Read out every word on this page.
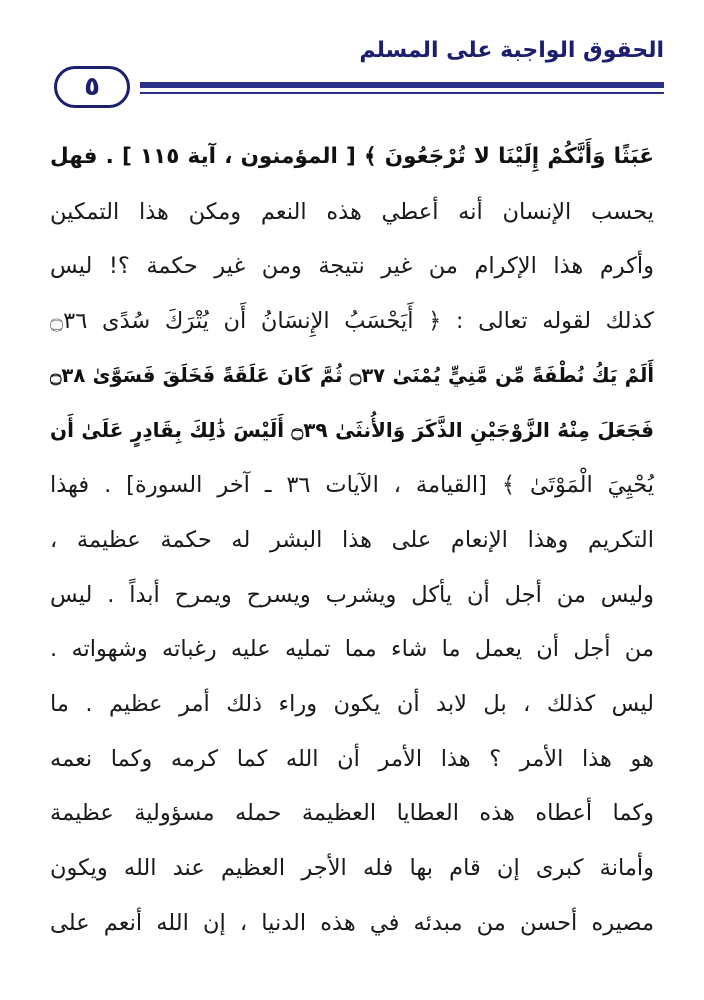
الحقوق الواجبة على المسلم
٥
عَبَثًا وَأَنَّكُمْ إِلَيْنَا لا تُرْجَعُونَ ﴾ [ المؤمنون ، آية ١١٥ ] . فهل
يحسب الإنسان أنه أعطي هذه النعم ومكن هذا التمكين
وأكرم هذا الإكرام من غير نتيجة ومن غير حكمة ؟! ليس
كذلك لقوله تعالى : ﴿ أَيَحْسَبُ الإِنسَانُ أَن يُتْرَكَ سُدًى ۝٣٦
أَلَمْ يَكُ نُطْفَةً مِّن مَّنِيٍّ يُمْنَىٰ ۝٣٧ ثُمَّ كَانَ عَلَقَةً فَخَلَقَ فَسَوَّىٰ ۝٣٨
فَجَعَلَ مِنْهُ الزَّوْجَيْنِ الذَّكَرَ وَالأُنثَىٰ ۝٣٩ أَلَيْسَ ذَٰلِكَ بِقَادِرٍ عَلَىٰ أَن
يُحْيِيَ الْمَوْتَىٰ ﴾ [القيامة ، الآيات ٣٦ ـ آخر السورة] . فهذا
التكريم وهذا الإنعام على هذا البشر له حكمة عظيمة ،
وليس من أجل أن يأكل ويشرب ويسرح ويمرح أبداً . ليس
من أجل أن يعمل ما شاء مما تمليه عليه رغباته وشهواته .
ليس كذلك ، بل لابد أن يكون وراء ذلك أمر عظيم . ما
هو هذا الأمر ؟ هذا الأمر أن الله كما كرمه وكما نعمه
وكما أعطاه هذه العطايا العظيمة حمله مسؤولية عظيمة
وأمانة كبرى إن قام بها فله الأجر العظيم عند الله ويكون
مصيره أحسن من مبدئه في هذه الدنيا ، إن الله أنعم على
